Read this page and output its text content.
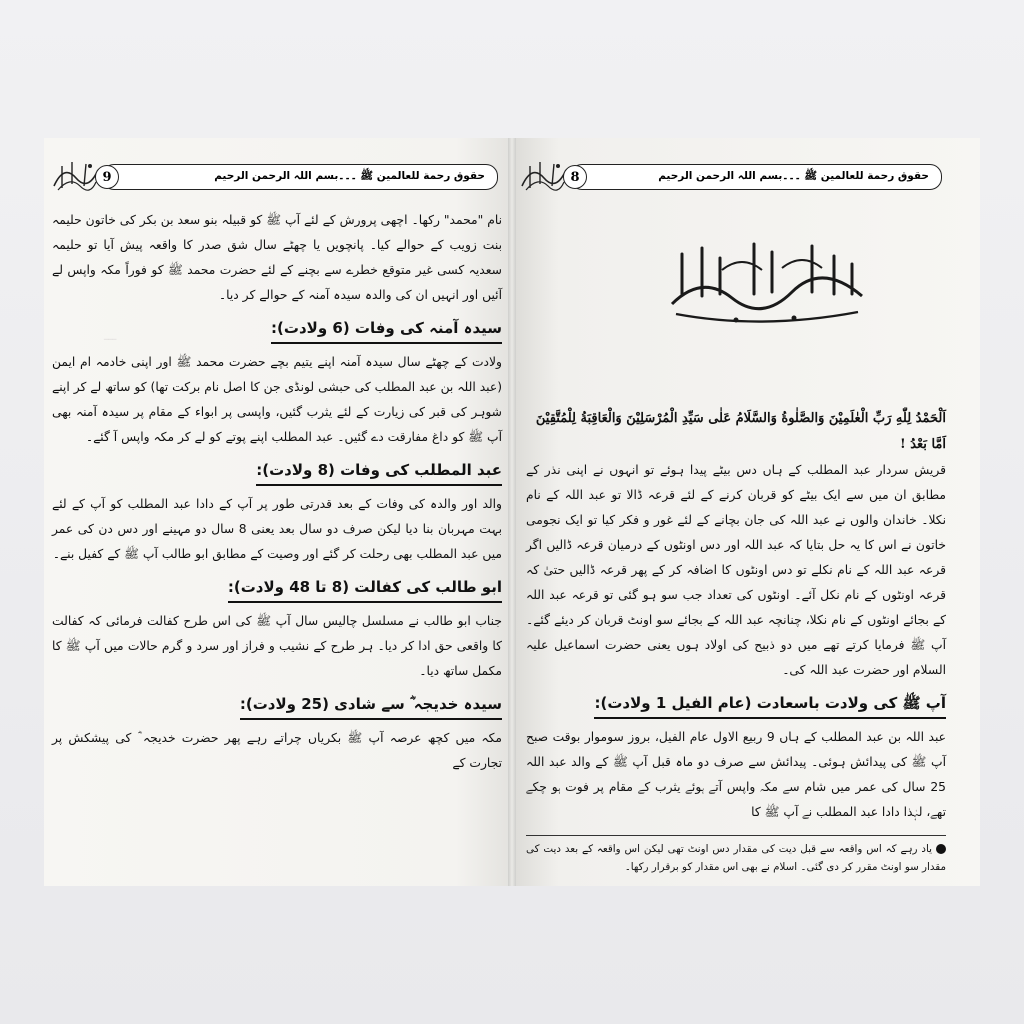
ـــ
9	حقوق رحمة للعالمین ﷺ ۔۔۔بسم اللہ الرحمن الرحیم

نام "محمد" رکھا۔ اچھی پرورش کے لئے آپ ﷺ کو قبیلہ بنو سعد بن بکر کی خاتون حلیمہ بنت زویب کے حوالے کیا۔ پانچویں یا چھٹے سال شق صدر کا واقعہ پیش آیا تو حلیمہ سعدیہ کسی غیر متوقع خطرے سے بچنے کے لئے حضرت محمد ﷺ کو فوراً مکہ واپس لے آئیں اور انہیں ان کی والدہ سیدہ آمنہ کے حوالے کر دیا۔

سیدہ آمنہ کی وفات (6 ولادت):

ولادت کے چھٹے سال سیدہ آمنہ اپنے یتیم بچے حضرت محمد ﷺ اور اپنی خادمہ ام ایمن (عبد اللہ بن عبد المطلب کی حبشی لونڈی جن کا اصل نام برکت تھا) کو ساتھ لے کر اپنے شوہر کی قبر کی زیارت کے لئے یثرب گئیں، واپسی پر ابواء کے مقام پر سیدہ آمنہ بھی آپ ﷺ کو داغ مفارقت دے گئیں۔ عبد المطلب اپنے پوتے کو لے کر مکہ واپس آ گئے۔

عبد المطلب کی وفات (8 ولادت):

والد اور والدہ کی وفات کے بعد قدرتی طور پر آپ کے دادا عبد المطلب کو آپ کے لئے بہت مہربان بنا دیا لیکن صرف دو سال بعد یعنی 8 سال دو مہینے اور دس دن کی عمر میں عبد المطلب بھی رحلت کر گئے اور وصیت کے مطابق ابو طالب آپ ﷺ کے کفیل بنے۔

ابو طالب کی کفالت (8 تا 48 ولادت):

جناب ابو طالب نے مسلسل چالیس سال آپ ﷺ کی اس طرح کفالت فرمائی کہ کفالت کا واقعی حق ادا کر دیا۔ ہر طرح کے نشیب و فراز اور سرد و گرم حالات میں آپ ﷺ کا مکمل ساتھ دیا۔

سیدہ خدیجہ ؓ سے شادی (25 ولادت):

مکہ میں کچھ عرصہ آپ ﷺ بکریاں چراتے رہے پھر حضرت خدیجہ ؓ کی پیشکش پر تجارت کے

8	حقوق رحمة للعالمین ﷺ ۔۔۔بسم اللہ الرحمن الرحیم
بسم اللہ الرحمن الرحیم

اَلْحَمْدُ لِلّٰهِ رَبِّ الْعٰلَمِیْنَ وَالصَّلٰوةُ وَالسَّلَامُ عَلٰى سَیِّدِ الْمُرْسَلِیْنَ وَالْعَاقِبَةُ لِلْمُتَّقِیْنَ

اَمَّا بَعْدُ !

قریش سردار عبد المطلب کے ہاں دس بیٹے پیدا ہوئے تو انہوں نے اپنی نذر کے مطابق ان میں سے ایک بیٹے کو قربان کرنے کے لئے قرعہ ڈالا تو عبد اللہ کے نام نکلا۔ خاندان والوں نے عبد اللہ کی جان بچانے کے لئے غور و فکر کیا تو ایک نجومی خاتون نے اس کا یہ حل بتایا کہ عبد اللہ اور دس اونٹوں کے درمیان قرعہ ڈالیں اگر قرعہ عبد اللہ کے نام نکلے تو دس اونٹوں کا اضافہ کر کے پھر قرعہ ڈالیں حتیٰ کہ قرعہ اونٹوں کے نام نکل آئے۔ اونٹوں کی تعداد جب سو ہو گئی تو قرعہ عبد اللہ کے بجائے اونٹوں کے نام نکلا، چنانچہ عبد اللہ کے بجائے سو اونٹ قربان کر دیئے گئے۔ آپ ﷺ فرمایا کرتے تھے میں دو ذبیح کی اولاد ہوں یعنی حضرت اسماعیل علیہ السلام اور حضرت عبد اللہ کی۔

آپ ﷺ کی ولادت باسعادت (عام الفیل 1 ولادت):

عبد اللہ بن عبد المطلب کے ہاں 9 ربیع الاول عام الفیل، بروز سوموار بوقت صبح آپ ﷺ کی پیدائش ہوئی۔ پیدائش سے صرف دو ماہ قبل آپ ﷺ کے والد عبد اللہ 25 سال کی عمر میں شام سے مکہ واپس آتے ہوئے یثرب کے مقام پر فوت ہو چکے تھے، لہٰذا دادا عبد المطلب نے آپ ﷺ کا

یاد رہے کہ اس واقعہ سے قبل دیت کی مقدار دس اونٹ تھی لیکن اس واقعہ کے بعد دیت کی مقدار سو اونٹ مقرر کر دی گئی۔ اسلام نے بھی اس مقدار کو برقرار رکھا۔
